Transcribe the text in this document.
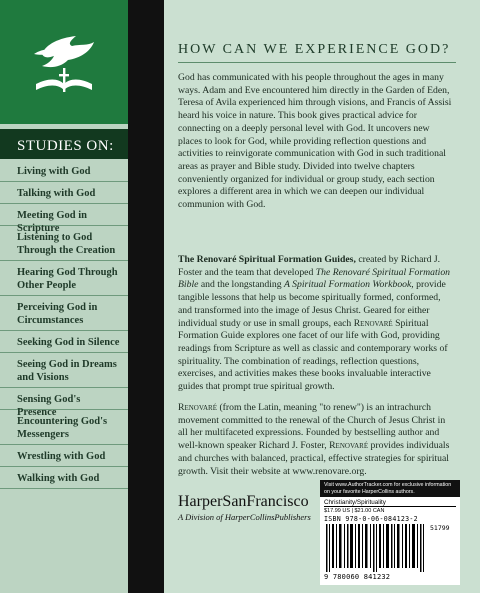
STUDIES ON:
Living with God
Talking with God
Meeting God in Scripture
Listening to God Through the Creation
Hearing God Through Other People
Perceiving God in Circumstances
Seeking God in Silence
Seeing God in Dreams and Visions
Sensing God's Presence
Encountering God's Messengers
Wrestling with God
Walking with God
HOW CAN WE EXPERIENCE GOD?
God has communicated with his people throughout the ages in many ways. Adam and Eve encountered him directly in the Garden of Eden, Teresa of Avila experienced him through visions, and Francis of Assisi heard his voice in nature. This book gives practical advice for connecting on a deeply personal level with God. It uncovers new places to look for God, while providing reflection questions and activities to reinvigorate communication with God in such traditional areas as prayer and Bible study. Divided into twelve chapters conveniently organized for individual or group study, each section explores a different area in which we can deepen our individual communion with God.
The Renovaré Spiritual Formation Guides, created by Richard J. Foster and the team that developed The Renovaré Spiritual Formation Bible and the longstanding A Spiritual Formation Workbook, provide tangible lessons that help us become spiritually formed, conformed, and transformed into the image of Jesus Christ. Geared for either individual study or use in small groups, each Renovaré Spiritual Formation Guide explores one facet of our life with God, providing readings from Scripture as well as classic and contemporary works of spirituality. The combination of readings, reflection questions, exercises, and activities makes these books invaluable interactive guides that prompt true spiritual growth.
Renovaré (from the Latin, meaning "to renew") is an intrachurch movement committed to the renewal of the Church of Jesus Christ in all her multifaceted expressions. Founded by bestselling author and well-known speaker Richard J. Foster, Renovaré provides individuals and churches with balanced, practical, effective strategies for spiritual growth. Visit their website at www.renovare.org.
HarperSanFrancisco
A Division of HarperCollinsPublishers
Visit www.AuthorTracker.com for exclusive information on your favorite HarperCollins authors.
Christianity/Spirituality
$17.99 US | $21.00 CAN
ISBN 978-0-06-084123-2
51799
9 780060 841232
